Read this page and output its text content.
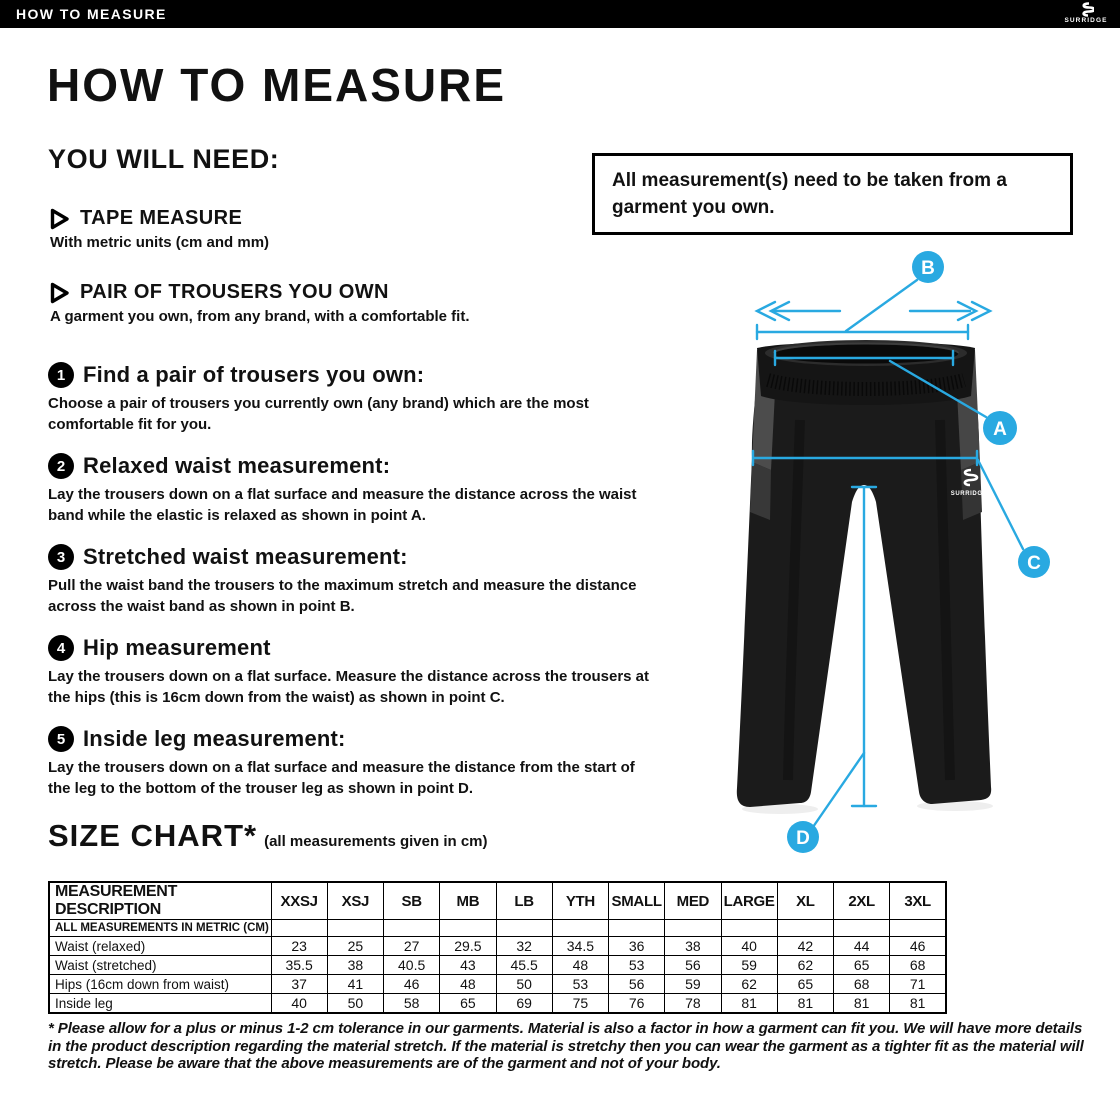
HOW TO MEASURE	SURRIDGE
HOW TO MEASURE
YOU WILL NEED:
TAPE MEASURE

With metric units (cm and mm)

PAIR OF TROUSERS YOU OWN

A garment you own, from any brand, with a comfortable fit.

1 Find a pair of trousers you own:

Choose a pair of trousers you currently own (any brand) which are the most comfortable fit for you.

2 Relaxed waist measurement:

Lay the trousers down on a flat surface and measure the distance across the waist band while the elastic is relaxed as shown in point A.

3 Stretched waist measurement:

Pull the waist band the trousers to the maximum stretch and measure the distance across the waist band as shown in point B.

4 Hip measurement

Lay the trousers down on a flat surface. Measure the distance across the trousers at the hips (this is 16cm down from the waist) as shown in point C.

5 Inside leg measurement:

Lay the trousers down on a flat surface and measure the distance from the start of the leg to the bottom of the trouser leg as shown in point D.

All measurement(s) need to be taken from a garment you own.

SURRIDGE
B
A
C
D
SIZE CHART* (all measurements given in cm)
MEASUREMENT DESCRIPTION	XXSJ	XSJ	SB	MB	LB	YTH	SMALL	MED	LARGE	XL	2XL	3XL
ALL MEASUREMENTS IN METRIC (CM)												
Waist (relaxed)	23	25	27	29.5	32	34.5	36	38	40	42	44	46
Waist (stretched)	35.5	38	40.5	43	45.5	48	53	56	59	62	65	68
Hips (16cm down from waist)	37	41	46	48	50	53	56	59	62	65	68	71
Inside leg	40	50	58	65	69	75	76	78	81	81	81	81

* Please allow for a plus or minus 1-2 cm tolerance in our garments. Material is also a factor in how a garment can fit you. We will have more details in the product description regarding the material stretch. If the material is stretchy then you can wear the garment as a tighter fit as the material will stretch. Please be aware that the above measurements are of the garment and not of your body.
